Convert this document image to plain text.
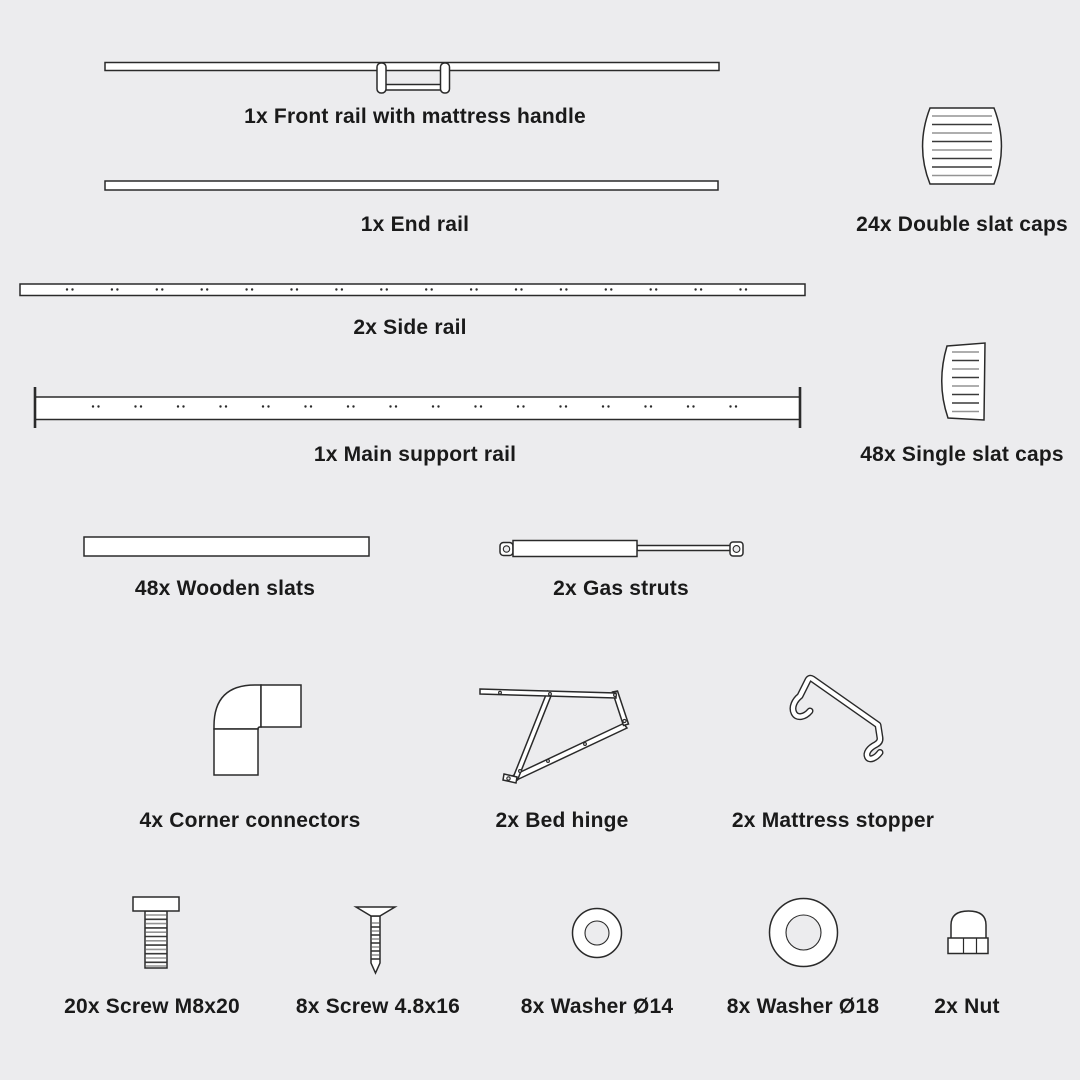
1x Front rail with mattress handle
1x End rail	24x Double slat caps
2x Side rail
1x Main support rail	48x Single slat caps
48x Wooden slats	2x Gas struts
4x Corner connectors	2x Bed hinge	2x Mattress stopper
20x Screw M8x20	8x Screw 4.8x16	8x Washer Ø14	8x Washer Ø18	2x Nut
